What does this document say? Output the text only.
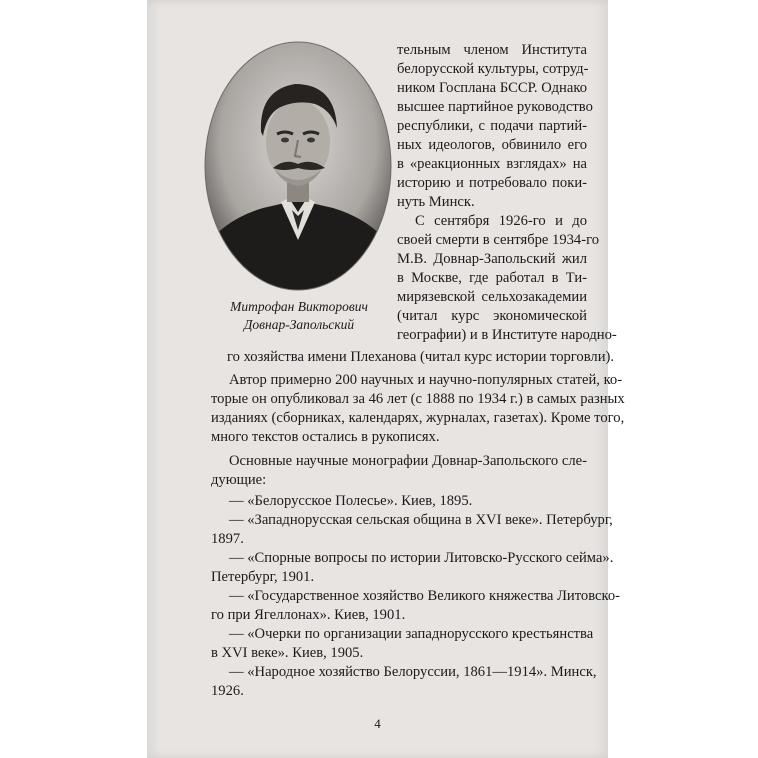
Митрофан Викторович
Довнар-Запольский
тельным членом Института
белорусской культуры, сотруд-
ником Госплана БССР. Однако
высшее партийное руководство
республики, с подачи партий-
ных идеологов, обвинило его
в «реакционных взглядах» на
историю и потребовало поки-
нуть Минск.
С сентября 1926-го и до
своей смерти в сентябре 1934-го
М.В. Довнар-Запольский жил
в Москве, где работал в Ти-
мирязевской сельхозакадемии
(читал курс экономической
географии) и в Институте народно-
го хозяйства имени Плеханова (читал курс истории торговли).
Автор примерно 200 научных и научно-популярных статей, ко-
торые он опубликовал за 46 лет (с 1888 по 1934 г.) в самых разных
изданиях (сборниках, календарях, журналах, газетах). Кроме того,
много текстов остались в рукописях.
Основные научные монографии Довнар-Запольского сле-
дующие:
— «Белорусское Полесье». Киев, 1895.
— «Западнорусская сельская община в XVI веке». Петербург,
1897.
— «Спорные вопросы по истории Литовско-Русского сейма».
Петербург, 1901.
— «Государственное хозяйство Великого княжества Литовско-
го при Ягеллонах». Киев, 1901.
— «Очерки по организации западнорусского крестьянства
в XVI веке». Киев, 1905.
— «Народное хозяйство Белоруссии, 1861—1914». Минск,
1926.
4
